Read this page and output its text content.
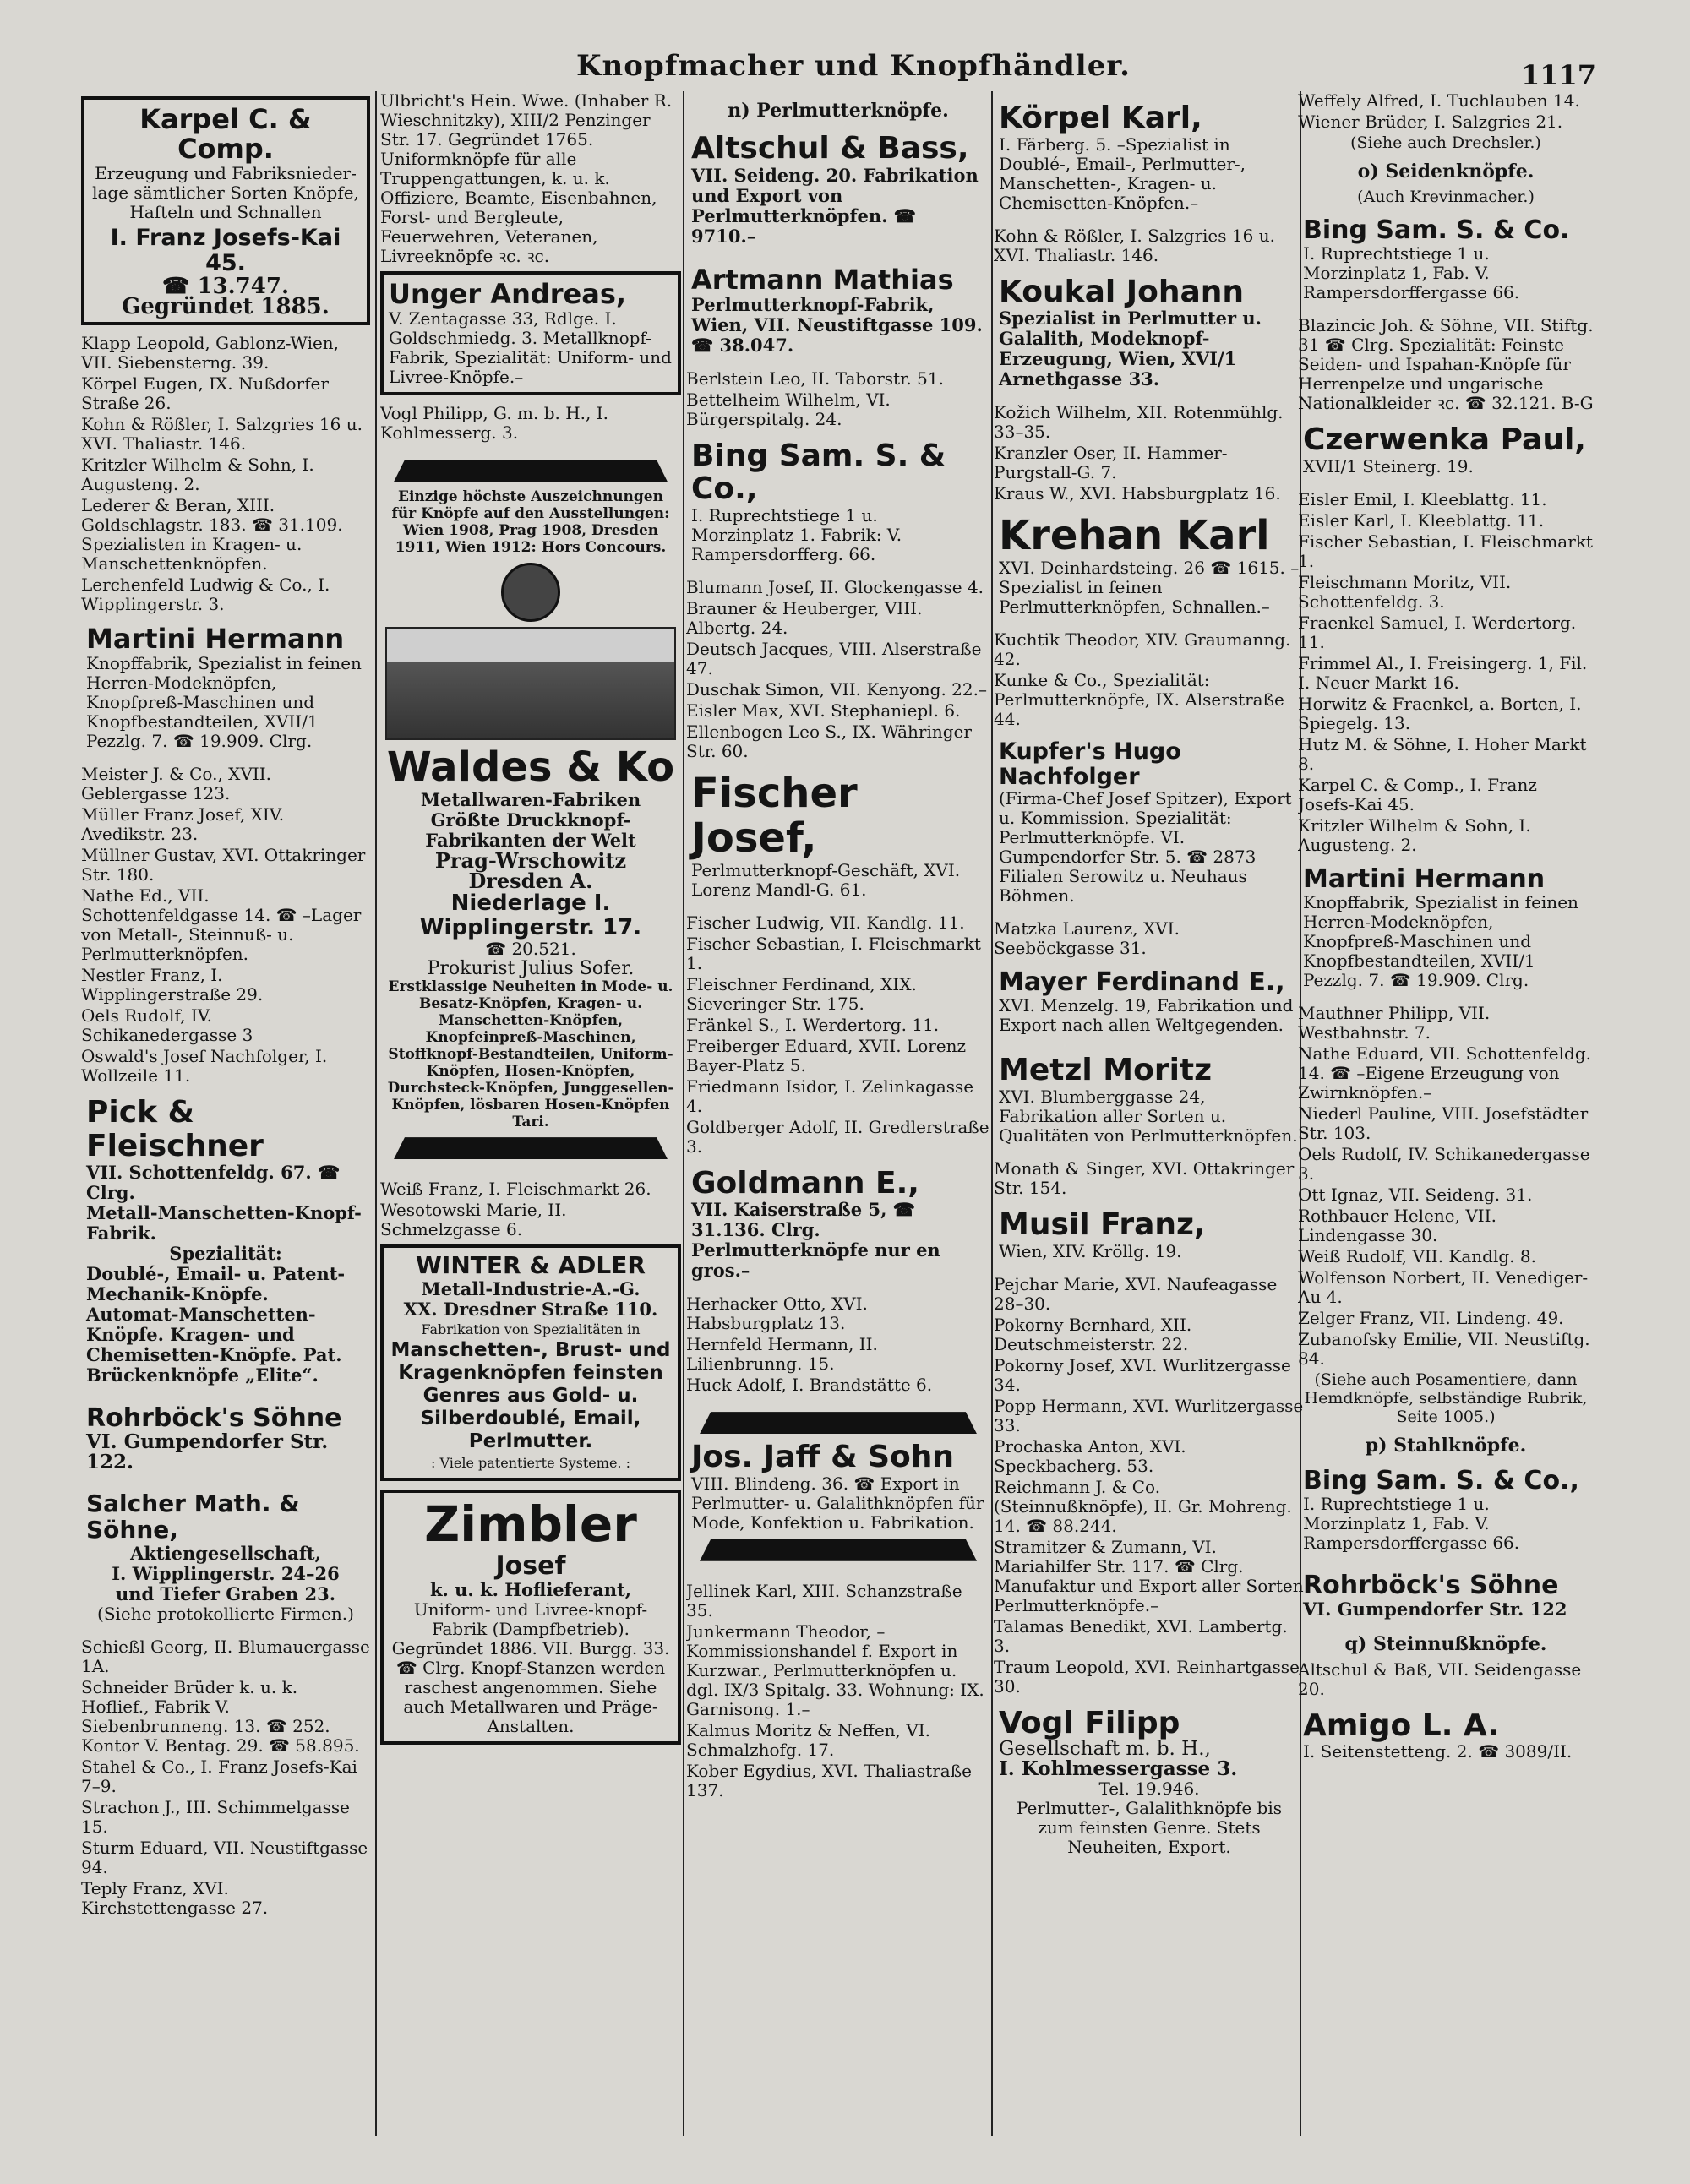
Knopfmacher und Knopfhändler.	1117
Karpel C. & Comp.
Erzeugung und Fabriksnieder-
lage sämtlicher Sorten Knöpfe,
Hafteln und Schnallen
I. Franz Josefs-Kai 45.
☎ 13.747.
Gegründet 1885.
Klapp Leopold, Gablonz-Wien, VII. Siebensterng. 39.
Körpel Eugen, IX. Nußdorfer Straße 26.
Kohn & Rößler, I. Salzgries 16 u. XVI. Thaliastr. 146.
Kritzler Wilhelm & Sohn, I. Augusteng. 2.
Lederer & Beran, XIII. Goldschlagstr. 183. ☎ 31.109. Spezialisten in Kragen- u. Manschettenknöpfen.
Lerchenfeld Ludwig & Co., I. Wipplingerstr. 3.
Martini Hermann
Knopffabrik, Spezialist in feinen Herren-Modeknöpfen, Knopfpreß-Maschinen und Knopfbestandteilen, XVII/1 Pezzlg. 7. ☎ 19.909. Clrg.
Meister J. & Co., XVII. Geblergasse 123.
Müller Franz Josef, XIV. Avedikstr. 23.
Müllner Gustav, XVI. Ottakringer Str. 180.
Nathe Ed., VII. Schottenfeldgasse 14. ☎ –Lager von Metall-, Steinnuß- u. Perlmutterknöpfen.
Nestler Franz, I. Wipplingerstraße 29.
Oels Rudolf, IV. Schikanedergasse 3
Oswald's Josef Nachfolger, I. Wollzeile 11.
Pick & Fleischner
VII. Schottenfeldg. 67. ☎ Clrg.
Metall-Manschetten-Knopf-Fabrik.
Spezialität:
Doublé-, Email- u. Patent-Mechanik-Knöpfe. Automat-Manschetten-Knöpfe. Kragen- und Chemisetten-Knöpfe. Pat. Brückenknöpfe „Elite“.
Rohrböck's Söhne
VI. Gumpendorfer Str. 122.
Salcher Math. & Söhne,
Aktiengesellschaft,
I. Wipplingerstr. 24–26
und Tiefer Graben 23.
(Siehe protokollierte Firmen.)
Schießl Georg, II. Blumauergasse 1A.
Schneider Brüder k. u. k. Hoflief., Fabrik V. Siebenbrunneng. 13. ☎ 252. Kontor V. Bentag. 29. ☎ 58.895.
Stahel & Co., I. Franz Josefs-Kai 7–9.
Strachon J., III. Schimmelgasse 15.
Sturm Eduard, VII. Neustiftgasse 94.
Teply Franz, XVI. Kirchstettengasse 27.
Ulbricht's Hein. Wwe. (Inhaber R. Wieschnitzky), XIII/2 Penzinger Str. 17. Gegründet 1765. Uniformknöpfe für alle Truppengattungen, k. u. k. Offiziere, Beamte, Eisenbahnen, Forst- und Bergleute, Feuerwehren, Veteranen, Livreeknöpfe ꝛc. ꝛc.
Unger Andreas,
V. Zentagasse 33, Rdlge. I. Goldschmiedg. 3. Metallknopf-Fabrik, Spezialität: Uniform- und Livree-Knöpfe.–
Vogl Philipp, G. m. b. H., I. Kohlmesserg. 3.
Einzige höchste Auszeichnungen für Knöpfe auf den Ausstellungen:
Wien 1908, Prag 1908, Dresden 1911, Wien 1912: Hors Concours.
Waldes & Ko
Metallwaren-Fabriken
Größte Druckknopf-Fabrikanten der Welt
Prag-Wrschowitz
Dresden A.
Niederlage I. Wipplingerstr. 17.
☎ 20.521.
Prokurist Julius Sofer.
Erstklassige Neuheiten in Mode- u. Besatz-Knöpfen, Kragen- u. Manschetten-Knöpfen, Knopfeinpreß-Maschinen, Stoffknopf-Bestandteilen, Uniform-Knöpfen, Hosen-Knöpfen, Durchsteck-Knöpfen, Junggesellen-Knöpfen, lösbaren Hosen-Knöpfen Tari.
Weiß Franz, I. Fleischmarkt 26.
Wesotowski Marie, II. Schmelzgasse 6.
WINTER & ADLER
Metall-Industrie-A.-G.
XX. Dresdner Straße 110.
Fabrikation von Spezialitäten in
Manschetten-, Brust- und Kragenknöpfen feinsten Genres aus Gold- u. Silberdoublé, Email, Perlmutter.
: Viele patentierte Systeme. :
Zimbler
Josef
k. u. k. Hoflieferant,
Uniform- und Livree-knopf-Fabrik (Dampfbetrieb). Gegründet 1886. VII. Burgg. 33. ☎ Clrg. Knopf-Stanzen werden raschest angenommen. Siehe auch Metallwaren und Präge-Anstalten.
n) Perlmutterknöpfe.
Altschul & Bass,
VII. Seideng. 20. Fabrikation und Export von Perlmutterknöpfen. ☎ 9710.–
Artmann Mathias
Perlmutterknopf-Fabrik, Wien, VII. Neustiftgasse 109. ☎ 38.047.
Berlstein Leo, II. Taborstr. 51.
Bettelheim Wilhelm, VI. Bürgerspitalg. 24.
Bing Sam. S. & Co.,
I. Ruprechtstiege 1 u. Morzinplatz 1. Fabrik: V. Rampersdorfferg. 66.
Blumann Josef, II. Glockengasse 4.
Brauner & Heuberger, VIII. Albertg. 24.
Deutsch Jacques, VIII. Alserstraße 47.
Duschak Simon, VII. Kenyong. 22.–
Eisler Max, XVI. Stephaniepl. 6.
Ellenbogen Leo S., IX. Währinger Str. 60.
Fischer Josef,
Perlmutterknopf-Geschäft, XVI. Lorenz Mandl-G. 61.
Fischer Ludwig, VII. Kandlg. 11.
Fischer Sebastian, I. Fleischmarkt 1.
Fleischner Ferdinand, XIX. Sieveringer Str. 175.
Fränkel S., I. Werdertorg. 11.
Freiberger Eduard, XVII. Lorenz Bayer-Platz 5.
Friedmann Isidor, I. Zelinkagasse 4.
Goldberger Adolf, II. Gredlerstraße 3.
Goldmann E.,
VII. Kaiserstraße 5, ☎ 31.136. Clrg. Perlmutterknöpfe nur en gros.–
Herhacker Otto, XVI. Habsburgplatz 13.
Hernfeld Hermann, II. Lilienbrunng. 15.
Huck Adolf, I. Brandstätte 6.
Jos. Jaff & Sohn
VIII. Blindeng. 36. ☎ Export in Perlmutter- u. Galalithknöpfen für Mode, Konfektion u. Fabrikation.
Jellinek Karl, XIII. Schanzstraße 35.
Junkermann Theodor, –Kommissionshandel f. Export in Kurzwar., Perlmutterknöpfen u. dgl. IX/3 Spitalg. 33. Wohnung: IX. Garnisong. 1.–
Kalmus Moritz & Neffen, VI. Schmalzhofg. 17.
Kober Egydius, XVI. Thaliastraße 137.
Körpel Karl,
I. Färberg. 5. –Spezialist in Doublé-, Email-, Perlmutter-, Manschetten-, Kragen- u. Chemisetten-Knöpfen.–
Kohn & Rößler, I. Salzgries 16 u. XVI. Thaliastr. 146.
Koukal Johann
Spezialist in Perlmutter u. Galalith, Modeknopf-Erzeugung, Wien, XVI/1 Arnethgasse 33.
Kožich Wilhelm, XII. Rotenmühlg. 33–35.
Kranzler Oser, II. Hammer-Purgstall-G. 7.
Kraus W., XVI. Habsburgplatz 16.
Krehan Karl
XVI. Deinhardsteing. 26 ☎ 1615. – Spezialist in feinen Perlmutterknöpfen, Schnallen.–
Kuchtik Theodor, XIV. Graumanng. 42.
Kunke & Co., Spezialität: Perlmutterknöpfe, IX. Alserstraße 44.
Kupfer's Hugo Nachfolger
(Firma-Chef Josef Spitzer), Export u. Kommission. Spezialität: Perlmutterknöpfe. VI. Gumpendorfer Str. 5. ☎ 2873 Filialen Serowitz u. Neuhaus Böhmen.
Matzka Laurenz, XVI. Seeböckgasse 31.
Mayer Ferdinand E.,
XVI. Menzelg. 19, Fabrikation und Export nach allen Weltgegenden.
Metzl Moritz
XVI. Blumberggasse 24, Fabrikation aller Sorten u. Qualitäten von Perlmutterknöpfen.
Monath & Singer, XVI. Ottakringer Str. 154.
Musil Franz,
Wien, XIV. Kröllg. 19.
Pejchar Marie, XVI. Naufeagasse 28–30.
Pokorny Bernhard, XII. Deutschmeisterstr. 22.
Pokorny Josef, XVI. Wurlitzergasse 34.
Popp Hermann, XVI. Wurlitzergasse 33.
Prochaska Anton, XVI. Speckbacherg. 53.
Reichmann J. & Co. (Steinnußknöpfe), II. Gr. Mohreng. 14. ☎ 88.244.
Stramitzer & Zumann, VI. Mariahilfer Str. 117. ☎ Clrg. Manufaktur und Export aller Sorten Perlmutterknöpfe.–
Talamas Benedikt, XVI. Lambertg. 3.
Traum Leopold, XVI. Reinhartgasse 30.
Vogl Filipp
Gesellschaft m. b. H.,
I. Kohlmessergasse 3.
Tel. 19.946.
Perlmutter-, Galalithknöpfe bis zum feinsten Genre. Stets Neuheiten, Export.
Weffely Alfred, I. Tuchlauben 14.
Wiener Brüder, I. Salzgries 21.
(Siehe auch Drechsler.)
o) Seidenknöpfe.
(Auch Krevinmacher.)
Bing Sam. S. & Co.
I. Ruprechtstiege 1 u. Morzinplatz 1, Fab. V. Rampersdorffergasse 66.
Blazincic Joh. & Söhne, VII. Stiftg. 31 ☎ Clrg. Spezialität: Feinste Seiden- und Ispahan-Knöpfe für Herrenpelze und ungarische Nationalkleider ꝛc. ☎ 32.121. B-G
Czerwenka Paul,
XVII/1 Steinerg. 19.
Eisler Emil, I. Kleeblattg. 11.
Eisler Karl, I. Kleeblattg. 11.
Fischer Sebastian, I. Fleischmarkt 1.
Fleischmann Moritz, VII. Schottenfeldg. 3.
Fraenkel Samuel, I. Werdertorg. 11.
Frimmel Al., I. Freisingerg. 1, Fil. I. Neuer Markt 16.
Horwitz & Fraenkel, a. Borten, I. Spiegelg. 13.
Hutz M. & Söhne, I. Hoher Markt 8.
Karpel C. & Comp., I. Franz Josefs-Kai 45.
Kritzler Wilhelm & Sohn, I. Augusteng. 2.
Martini Hermann
Knopffabrik, Spezialist in feinen Herren-Modeknöpfen, Knopfpreß-Maschinen und Knopfbestandteilen, XVII/1 Pezzlg. 7. ☎ 19.909. Clrg.
Mauthner Philipp, VII. Westbahnstr. 7.
Nathe Eduard, VII. Schottenfeldg. 14. ☎ –Eigene Erzeugung von Zwirnknöpfen.–
Niederl Pauline, VIII. Josefstädter Str. 103.
Oels Rudolf, IV. Schikanedergasse 3.
Ott Ignaz, VII. Seideng. 31.
Rothbauer Helene, VII. Lindengasse 30.
Weiß Rudolf, VII. Kandlg. 8.
Wolfenson Norbert, II. Venediger-Au 4.
Zelger Franz, VII. Lindeng. 49.
Zubanofsky Emilie, VII. Neustiftg. 84.
(Siehe auch Posamentiere, dann Hemdknöpfe, selbständige Rubrik, Seite 1005.)
p) Stahlknöpfe.
Bing Sam. S. & Co.,
I. Ruprechtstiege 1 u. Morzinplatz 1, Fab. V. Rampersdorffergasse 66.
Rohrböck's Söhne
VI. Gumpendorfer Str. 122
q) Steinnußknöpfe.
Altschul & Baß, VII. Seidengasse 20.
Amigo L. A.
I. Seitenstetteng. 2. ☎ 3089/II.
